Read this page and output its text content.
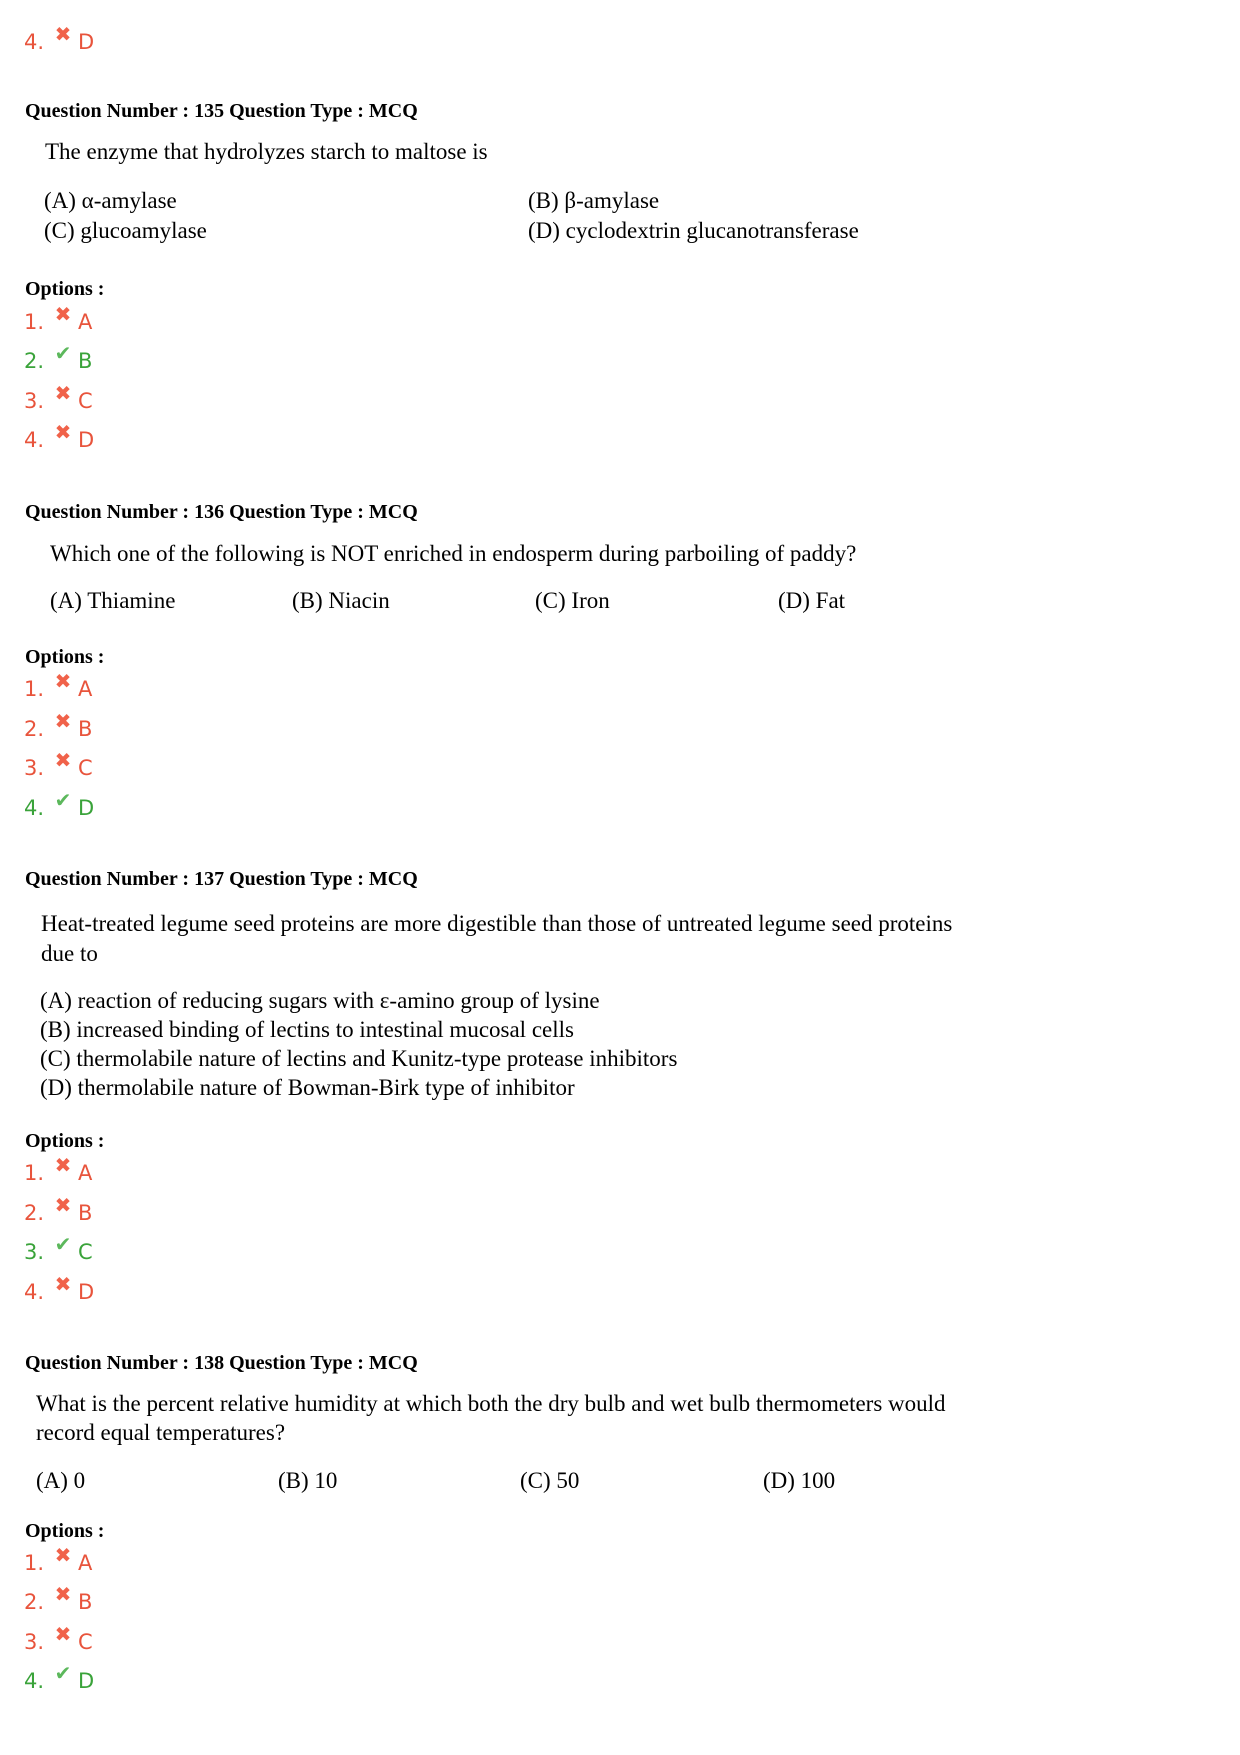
4. ✖ D
Question Number : 135 Question Type : MCQ
The enzyme that hydrolyzes starch to maltose is
(A) α-amylase	(B) β-amylase
(C) glucoamylase	(D) cyclodextrin glucanotransferase
Options :
1. ✖ A
2. ✔ B
3. ✖ C
4. ✖ D
Question Number : 136 Question Type : MCQ
Which one of the following is NOT enriched in endosperm during parboiling of paddy?
(A) Thiamine	(B) Niacin	(C) Iron	(D) Fat
Options :
1. ✖ A
2. ✖ B
3. ✖ C
4. ✔ D
Question Number : 137 Question Type : MCQ
Heat-treated legume seed proteins are more digestible than those of untreated legume seed proteins
due to
(A) reaction of reducing sugars with ε-amino group of lysine
(B) increased binding of lectins to intestinal mucosal cells
(C) thermolabile nature of lectins and Kunitz-type protease inhibitors
(D) thermolabile nature of Bowman-Birk type of inhibitor
Options :
1. ✖ A
2. ✖ B
3. ✔ C
4. ✖ D
Question Number : 138 Question Type : MCQ
What is the percent relative humidity at which both the dry bulb and wet bulb thermometers would
record equal temperatures?
(A) 0	(B) 10	(C) 50	(D) 100
Options :
1. ✖ A
2. ✖ B
3. ✖ C
4. ✔ D
